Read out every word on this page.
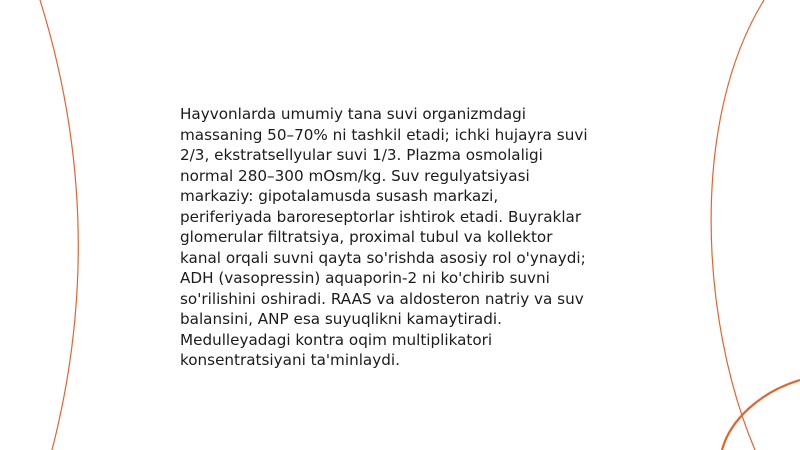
Hayvonlarda umumiy tana suvi organizmdagi
massaning 50–70% ni tashkil etadi; ichki hujayra suvi
2/3, ekstratsellyular suvi 1/3. Plazma osmolaligi
normal 280–300 mOsm/kg. Suv regulyatsiyasi
markaziy: gipotalamusda susash markazi,
periferiyada baroreseptorlar ishtirok etadi. Buyraklar
glomerular filtratsiya, proximal tubul va kollektor
kanal orqali suvni qayta so'rishda asosiy rol o'ynaydi;
ADH (vasopressin) aquaporin-2 ni ko'chirib suvni
so'rilishini oshiradi. RAAS va aldosteron natriy va suv
balansini, ANP esa suyuqlikni kamaytiradi.
Medulleyadagi kontra oqim multiplikatori
konsentratsiyani ta'minlaydi.
